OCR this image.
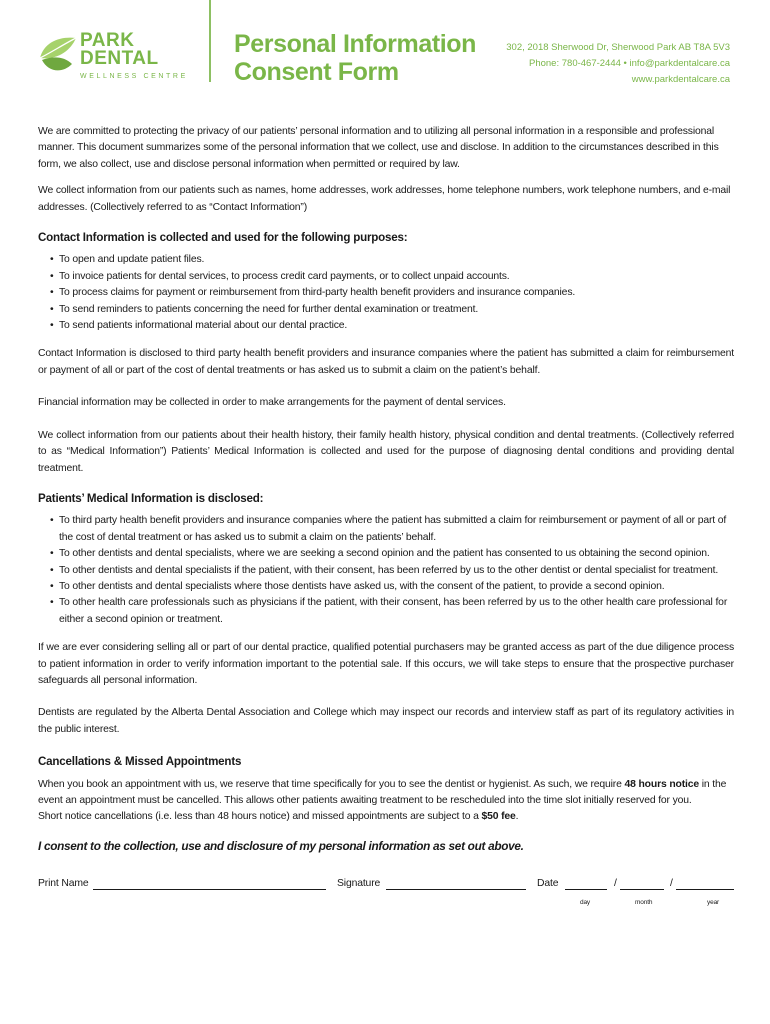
PARK
DENTAL
WELLNESS CENTRE
Personal Information
Consent Form
302, 2018 Sherwood Dr, Sherwood Park AB T8A 5V3
Phone: 780-467-2444 • info@parkdentalcare.ca
www.parkdentalcare.ca

We are committed to protecting the privacy of our patients’ personal information and to utilizing all personal information in a responsible and professional manner. This document summarizes some of the personal information that we collect, use and disclose. In addition to the circumstances described in this form, we also collect, use and disclose personal information when permitted or required by law.

We collect information from our patients such as names, home addresses, work addresses, home telephone numbers, work telephone numbers, and e-mail addresses. (Collectively referred to as “Contact Information”)

Contact Information is collected and used for the following purposes:
• To open and update patient files.
• To invoice patients for dental services, to process credit card payments, or to collect unpaid accounts.
• To process claims for payment or reimbursement from third-party health benefit providers and insurance companies.
• To send reminders to patients concerning the need for further dental examination or treatment.
• To send patients informational material about our dental practice.

Contact Information is disclosed to third party health benefit providers and insurance companies where the patient has submitted a claim for reimbursement or payment of all or part of the cost of dental treatments or has asked us to submit a claim on the patient’s behalf.

Financial information may be collected in order to make arrangements for the payment of dental services.

We collect information from our patients about their health history, their family health history, physical condition and dental treatments. (Collectively referred to as “Medical Information”) Patients’ Medical Information is collected and used for the purpose of diagnosing dental conditions and providing dental treatment.

Patients’ Medical Information is disclosed:
• To third party health benefit providers and insurance companies where the patient has submitted a claim for reimbursement or payment of all or part of the cost of dental treatment or has asked us to submit a claim on the patients’ behalf.
• To other dentists and dental specialists, where we are seeking a second opinion and the patient has consented to us obtaining the second opinion.
• To other dentists and dental specialists if the patient, with their consent, has been referred by us to the other dentist or dental specialist for treatment.
• To other dentists and dental specialists where those dentists have asked us, with the consent of the patient, to provide a second opinion.
• To other health care professionals such as physicians if the patient, with their consent, has been referred by us to the other health care professional for either a second opinion or treatment.

If we are ever considering selling all or part of our dental practice, qualified potential purchasers may be granted access as part of the due diligence process to patient information in order to verify information important to the potential sale. If this occurs, we will take steps to ensure that the prospective purchaser safeguards all personal information.

Dentists are regulated by the Alberta Dental Association and College which may inspect our records and interview staff as part of its regulatory activities in the public interest.

Cancellations & Missed Appointments

When you book an appointment with us, we reserve that time specifically for you to see the dentist or hygienist. As such, we require 48 hours notice in the event an appointment must be cancelled. This allows other patients awaiting treatment to be rescheduled into the time slot initially reserved for you.
Short notice cancellations (i.e. less than 48 hours notice) and missed appointments are subject to a $50 fee.

I consent to the collection, use and disclosure of my personal information as set out above.
Print Name	Signature	Date	/	/
day	month	year
